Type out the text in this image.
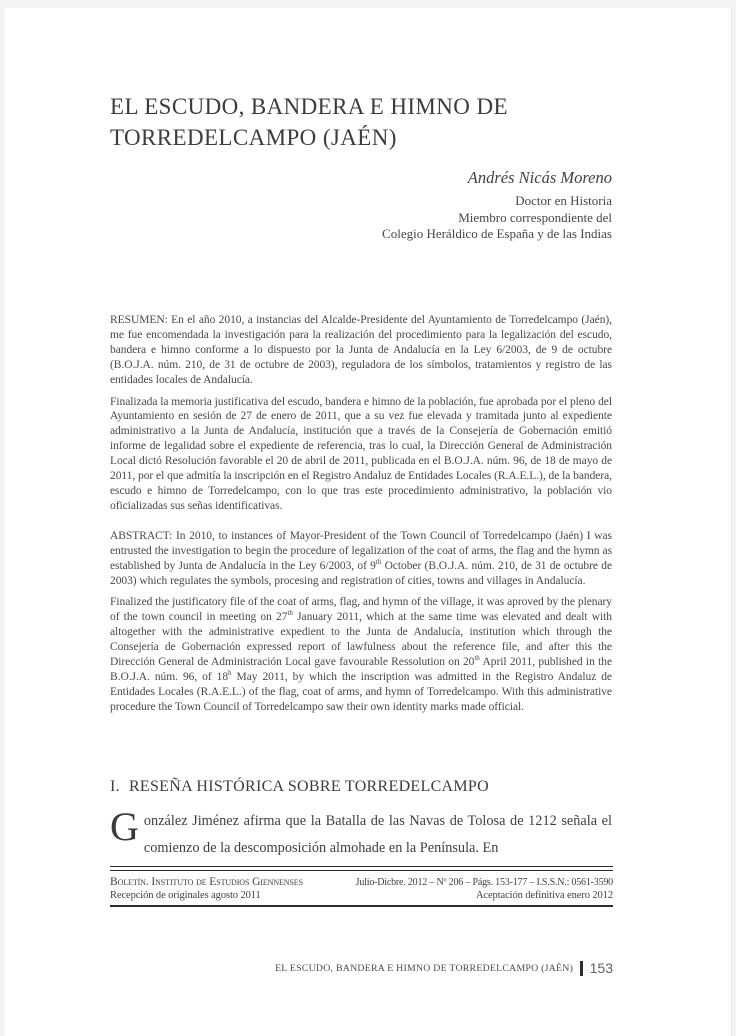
EL ESCUDO, BANDERA E HIMNO DE
TORREDELCAMPO (JAÉN)
Andrés Nicás Moreno
Doctor en Historia
Miembro correspondiente del
Colegio Heráldico de España y de las Indias

RESUMEN: En el año 2010, a instancias del Alcalde-Presidente del Ayuntamiento de Torredelcampo (Jaén), me fue encomendada la investigación para la realización del procedimiento para la legalización del escudo, bandera e himno conforme a lo dispuesto por la Junta de Andalucía en la Ley 6/2003, de 9 de octubre (B.O.J.A. núm. 210, de 31 de octubre de 2003), reguladora de los símbolos, tratamientos y registro de las entidades locales de Andalucía.

Finalizada la memoria justificativa del escudo, bandera e himno de la población, fue aprobada por el pleno del Ayuntamiento en sesión de 27 de enero de 2011, que a su vez fue elevada y tramitada junto al expediente administrativo a la Junta de Andalucía, institución que a través de la Consejería de Gobernación emitió informe de legalidad sobre el expediente de referencia, tras lo cual, la Dirección General de Administración Local dictó Resolución favorable el 20 de abril de 2011, publicada en el B.O.J.A. núm. 96, de 18 de mayo de 2011, por el que admitía la inscripción en el Registro Andaluz de Entidades Locales (R.A.E.L.), de la bandera, escudo e himno de Torredelcampo, con lo que tras este procedimiento administrativo, la población vio oficializadas sus señas identificativas.

ABSTRACT: In 2010, to instances of Mayor-President of the Town Council of Torredelcampo (Jaén) I was entrusted the investigation to begin the procedure of legalization of the coat of arms, the flag and the hymn as established by Junta de Andalucía in the Ley 6/2003, of 9th October (B.O.J.A. núm. 210, de 31 de octubre de 2003) which regulates the symbols, procesing and registration of cities, towns and villages in Andalucía.

Finalized the justificatory file of the coat of arms, flag, and hymn of the village, it was aproved by the plenary of the town council in meeting on 27th January 2011, which at the same time was elevated and dealt with altogether with the administrative expedient to the Junta de Andalucía, institution which through the Consejería de Gobernación expressed report of lawfulness about the reference file, and after this the Dirección General de Administración Local gave favourable Ressolution on 20th April 2011, published in the B.O.J.A. núm. 96, of 18$^h$ May 2011, by which the inscription was admitted in the Registro Andaluz de Entidades Locales (R.A.E.L.) of the flag, coat of arms, and hymn of Torredelcampo. With this administrative procedure the Town Council of Torredelcampo saw their own identity marks made official.

I. RESEÑA HISTÓRICA SOBRE TORREDELCAMPO

González Jiménez afirma que la Batalla de las Navas de Tolosa de 1212 señala el comienzo de la descomposición almohade en la Península. En

Boletín. Instituto de Estudios Giennenses	Julio-Dicbre. 2012 – Nº 206 – Págs. 153-177 – I.S.S.N.: 0561-3590
Recepción de originales agosto 2011	Aceptación definitiva enero 2012
EL ESCUDO, BANDERA E HIMNO DE TORREDELCAMPO (JAÉN) 153
